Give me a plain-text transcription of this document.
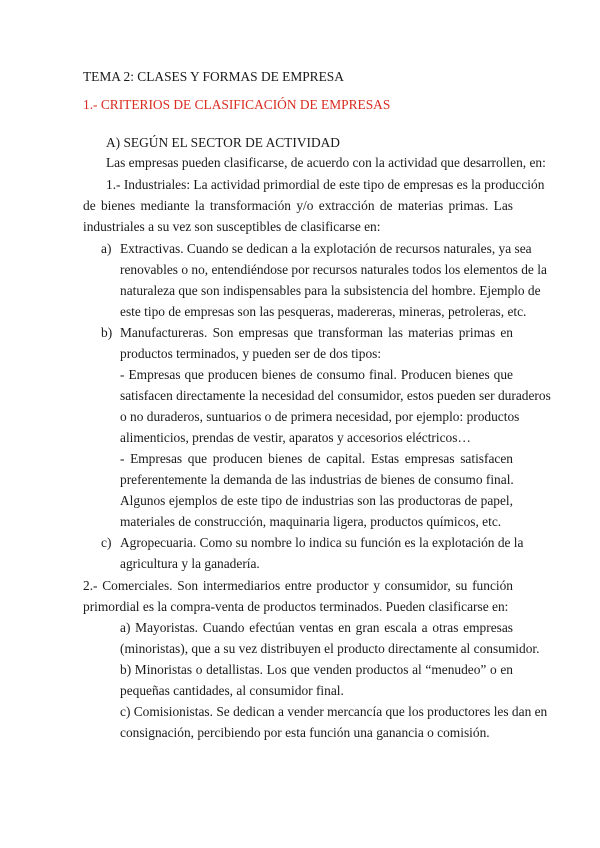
TEMA 2: CLASES Y FORMAS DE EMPRESA

1.- CRITERIOS DE CLASIFICACIÓN DE EMPRESAS

A) SEGÚN EL SECTOR DE ACTIVIDAD

Las empresas pueden clasificarse, de acuerdo con la actividad que desarrollen, en:

1.- Industriales: La actividad primordial de este tipo de empresas es la producción

de bienes mediante la transformación y/o extracción de materias primas. Las

industriales a su vez son susceptibles de clasificarse en:

a) Extractivas. Cuando se dedican a la explotación de recursos naturales, ya sea

renovables o no, entendiéndose por recursos naturales todos los elementos de la

naturaleza que son indispensables para la subsistencia del hombre. Ejemplo de

este tipo de empresas son las pesqueras, madereras, mineras, petroleras, etc.

b) Manufactureras. Son empresas que transforman las materias primas en

productos terminados, y pueden ser de dos tipos:

- Empresas que producen bienes de consumo final. Producen bienes que

satisfacen directamente la necesidad del consumidor, estos pueden ser duraderos

o no duraderos, suntuarios o de primera necesidad, por ejemplo: productos

alimenticios, prendas de vestir, aparatos y accesorios eléctricos…

- Empresas que producen bienes de capital. Estas empresas satisfacen

preferentemente la demanda de las industrias de bienes de consumo final.

Algunos ejemplos de este tipo de industrias son las productoras de papel,

materiales de construcción, maquinaria ligera, productos químicos, etc.

c) Agropecuaria. Como su nombre lo indica su función es la explotación de la

agricultura y la ganadería.

2.- Comerciales. Son intermediarios entre productor y consumidor, su función

primordial es la compra-venta de productos terminados. Pueden clasificarse en:

a) Mayoristas. Cuando efectúan ventas en gran escala a otras empresas

(minoristas), que a su vez distribuyen el producto directamente al consumidor.

b) Minoristas o detallistas. Los que venden productos al “menudeo” o en

pequeñas cantidades, al consumidor final.

c) Comisionistas. Se dedican a vender mercancía que los productores les dan en

consignación, percibiendo por esta función una ganancia o comisión.
